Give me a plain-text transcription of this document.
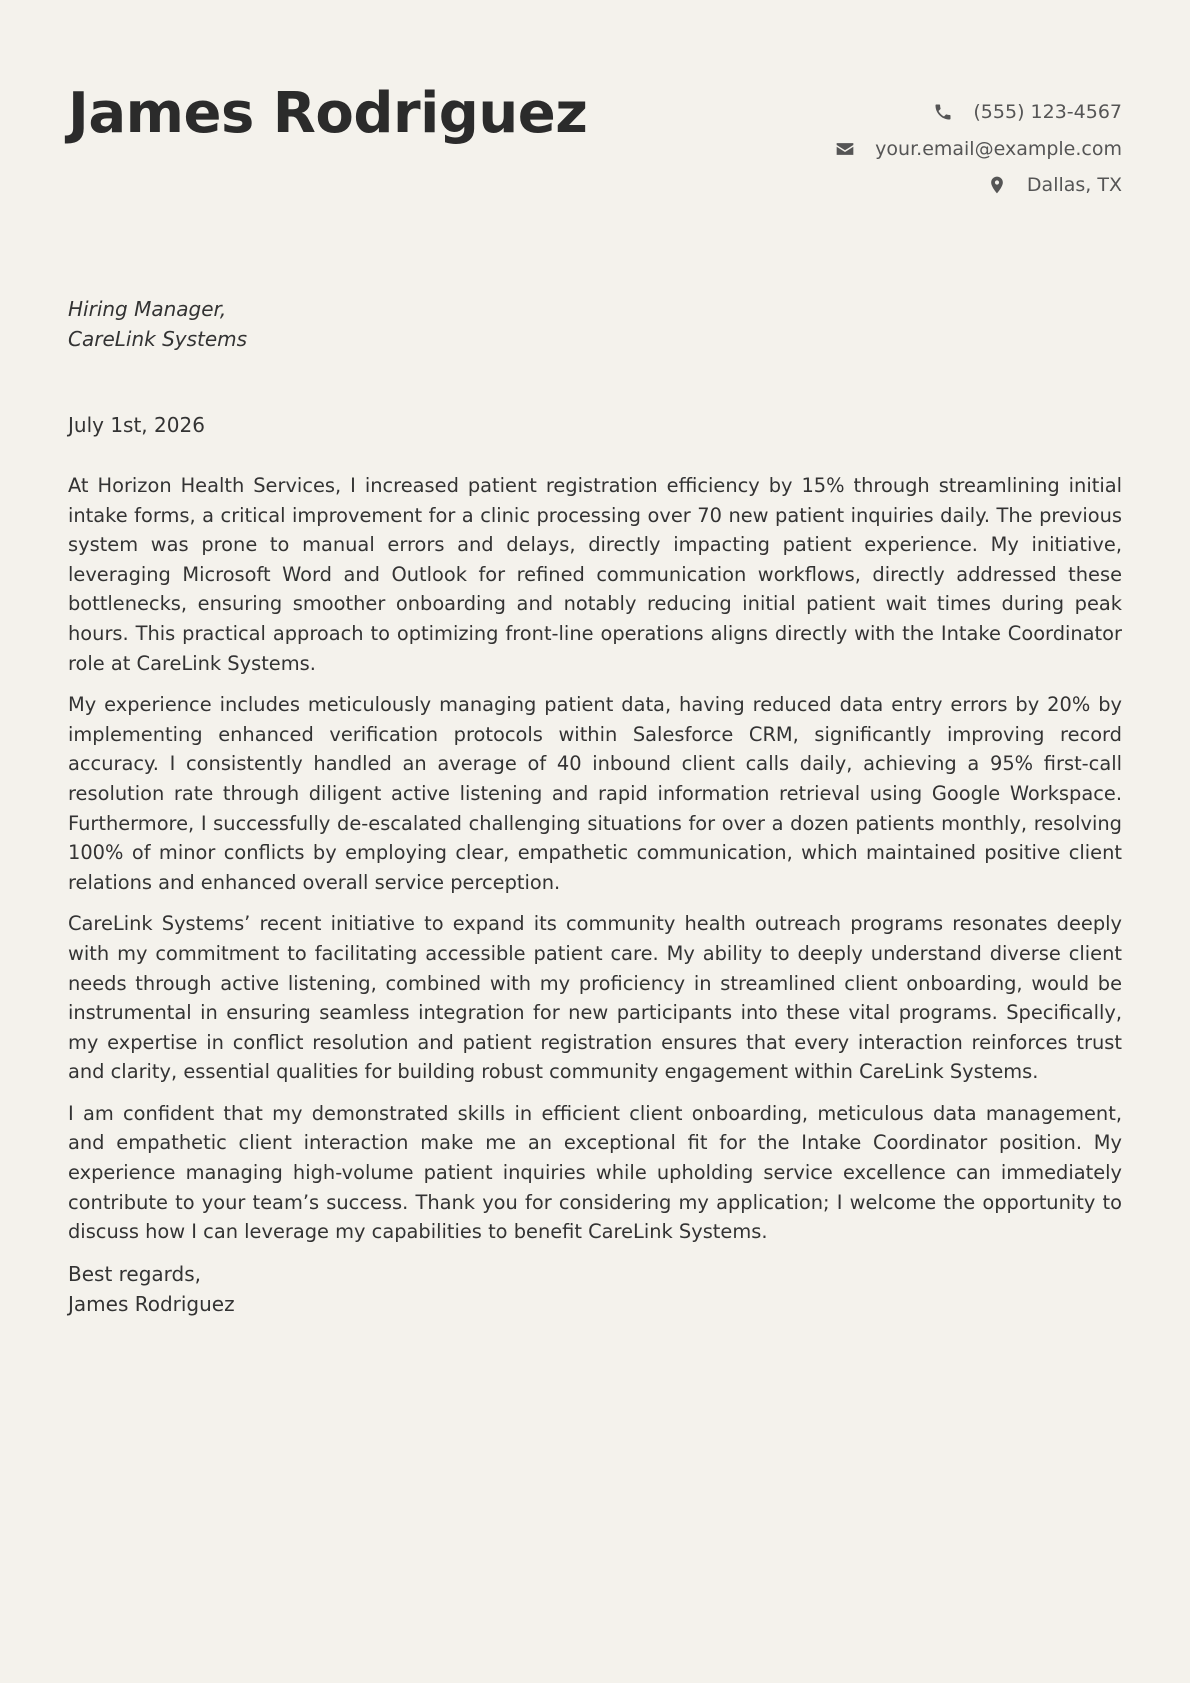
James Rodriguez	(555) 123-4567
your.email@example.com
Dallas, TX
Hiring Manager,
CareLink Systems
July 1st, 2026

At Horizon Health Services, I increased patient registration efficiency by 15% through streamlining initial intake forms, a critical improvement for a clinic processing over 70 new patient inquiries daily. The previous system was prone to manual errors and delays, directly impacting patient experience. My initiative, leveraging Microsoft Word and Outlook for refined communication workflows, directly addressed these bottlenecks, ensuring smoother onboarding and notably reducing initial patient wait times during peak hours. This practical approach to optimizing front-line operations aligns directly with the Intake Coordinator role at CareLink Systems.

My experience includes meticulously managing patient data, having reduced data entry errors by 20% by implementing enhanced verification protocols within Salesforce CRM, significantly improving record accuracy. I consistently handled an average of 40 inbound client calls daily, achieving a 95% first-call resolution rate through diligent active listening and rapid information retrieval using Google Workspace. Furthermore, I successfully de-escalated challenging situations for over a dozen patients monthly, resolving 100% of minor conflicts by employing clear, empathetic communication, which maintained positive client relations and enhanced overall service perception.

CareLink Systems’ recent initiative to expand its community health outreach programs resonates deeply with my commitment to facilitating accessible patient care. My ability to deeply understand diverse client needs through active listening, combined with my proficiency in streamlined client onboarding, would be instrumental in ensuring seamless integration for new participants into these vital programs. Specifically, my expertise in conflict resolution and patient registration ensures that every interaction reinforces trust and clarity, essential qualities for building robust community engagement within CareLink Systems.

I am confident that my demonstrated skills in efficient client onboarding, meticulous data management, and empathetic client interaction make me an exceptional fit for the Intake Coordinator position. My experience managing high-volume patient inquiries while upholding service excellence can immediately contribute to your team’s success. Thank you for considering my application; I welcome the opportunity to discuss how I can leverage my capabilities to benefit CareLink Systems.

Best regards,
James Rodriguez
